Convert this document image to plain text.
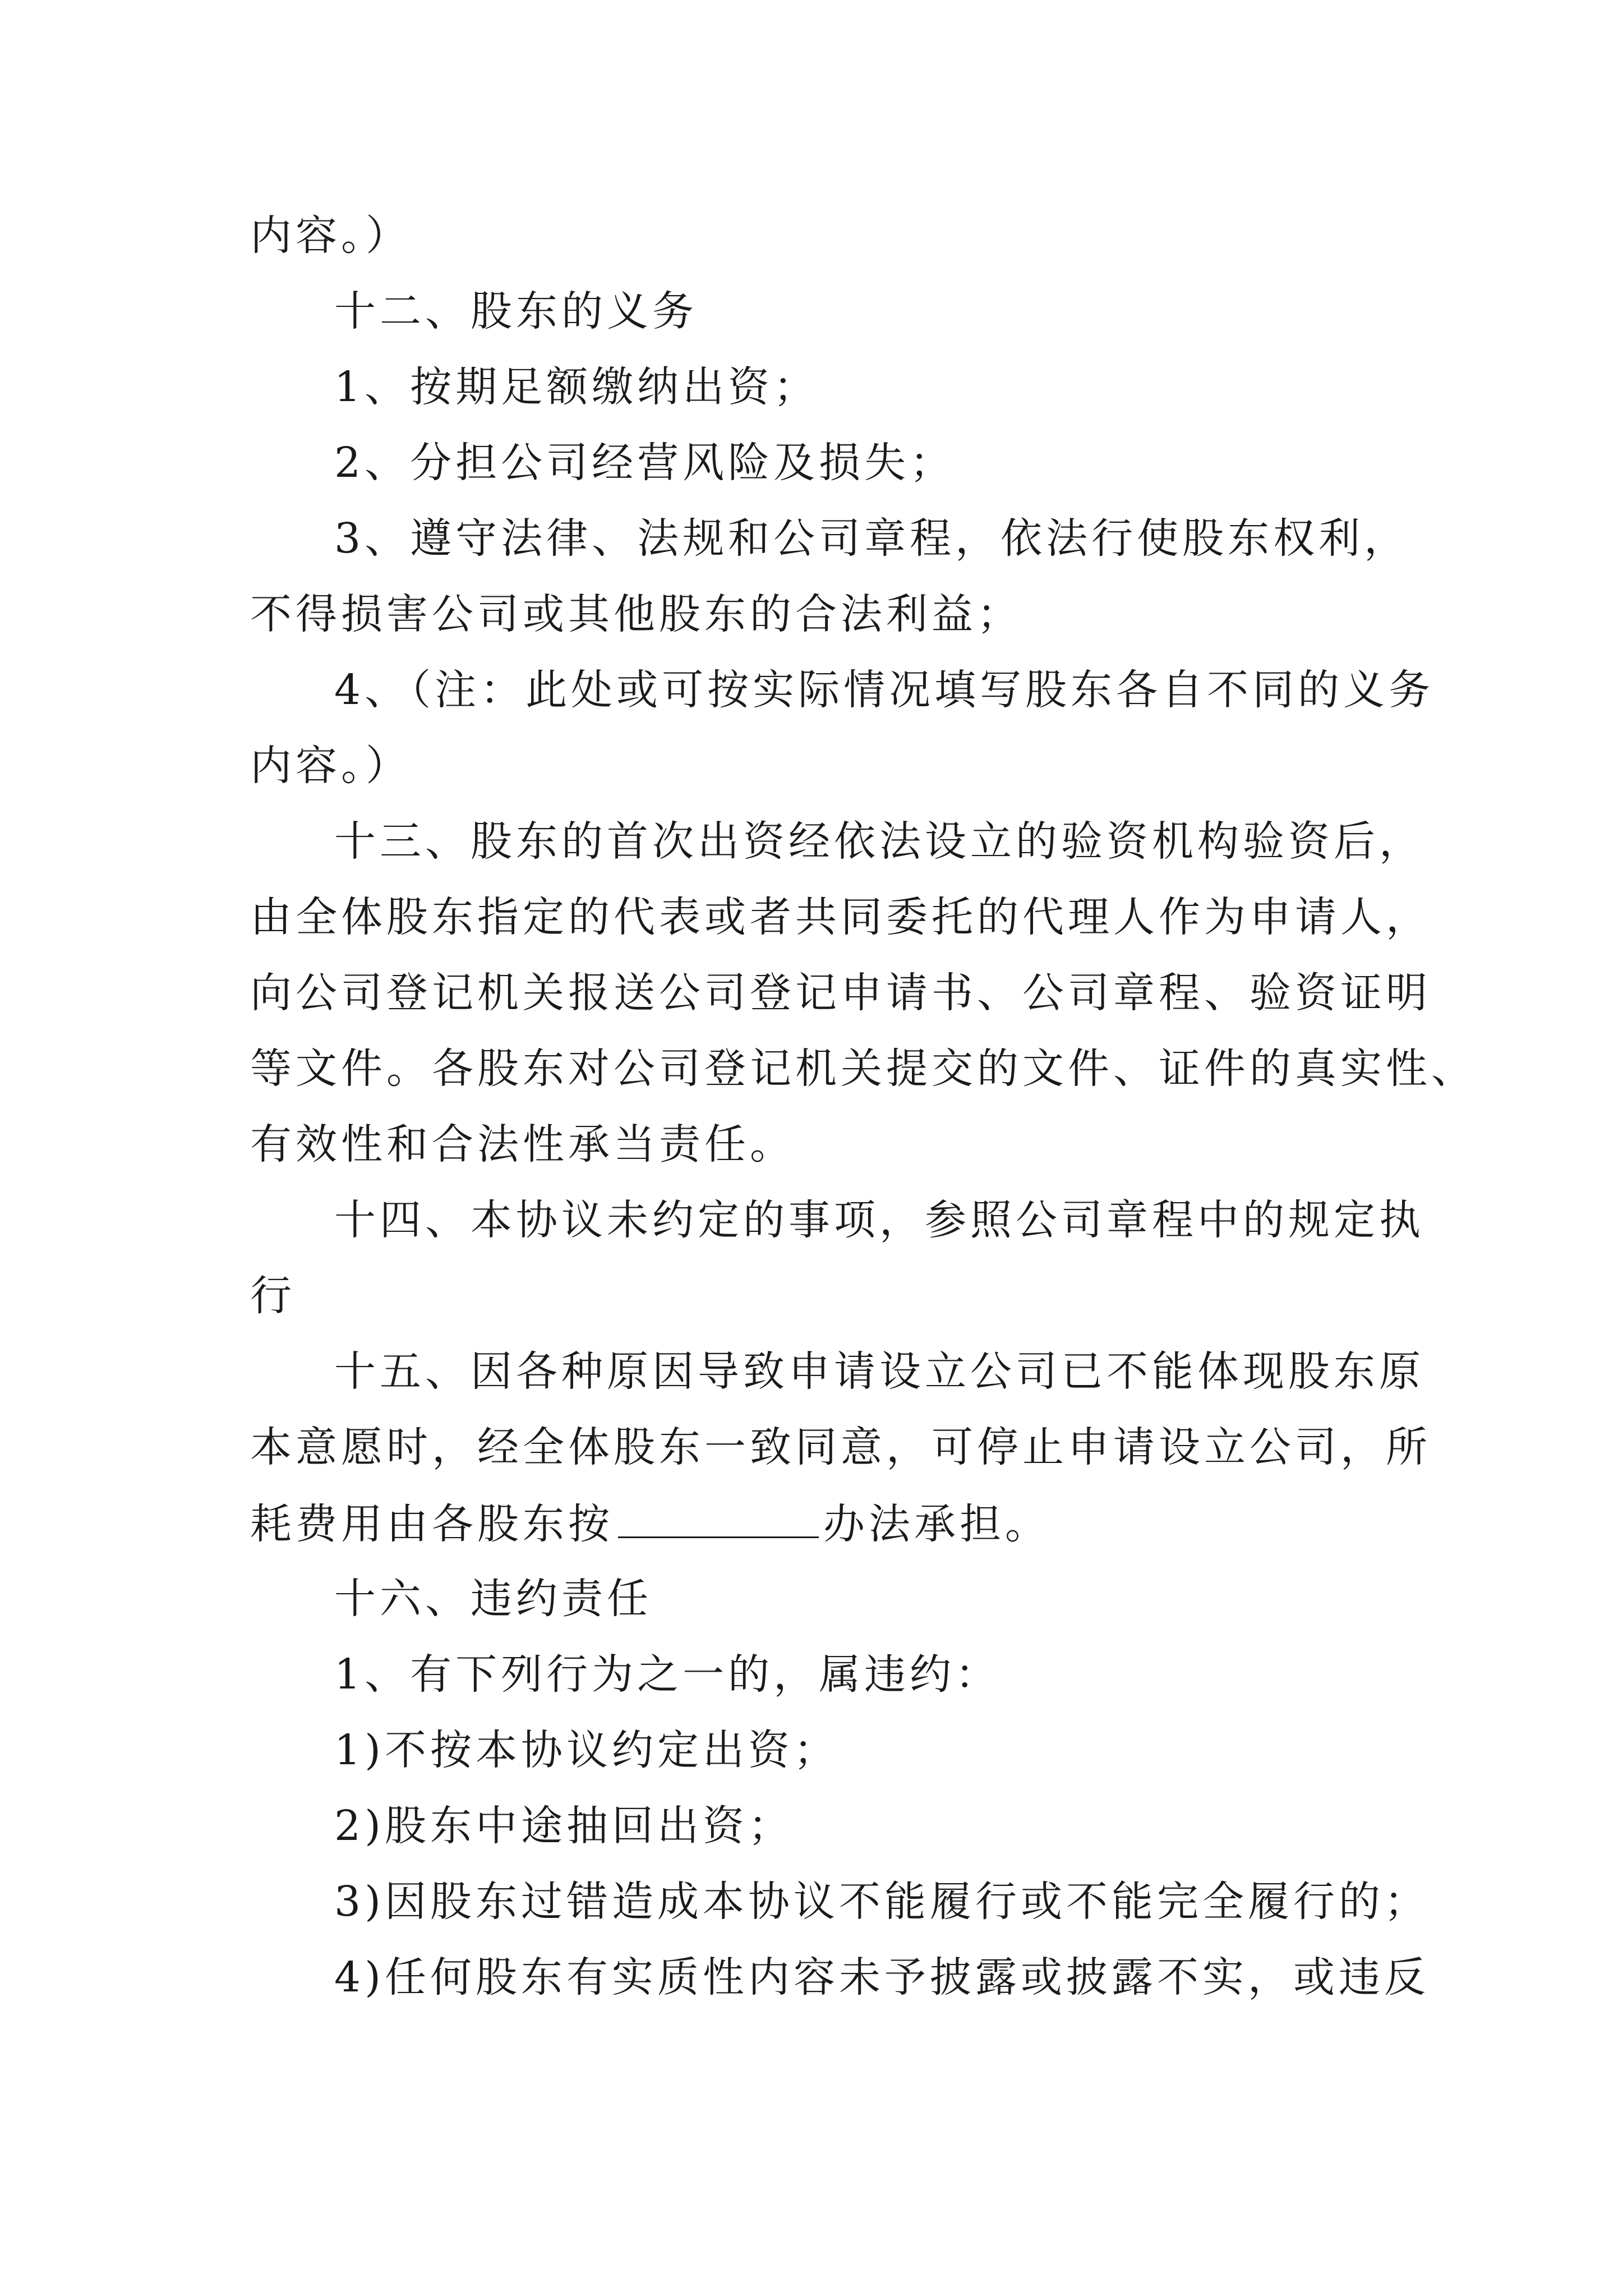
内容。）
十二、股东的义务
1、按期足额缴纳出资；
2、分担公司经营风险及损失；
3、遵守法律、法规和公司章程，依法行使股东权利，
不得损害公司或其他股东的合法利益；
4、（注：此处或可按实际情况填写股东各自不同的义务
内容。）
十三、股东的首次出资经依法设立的验资机构验资后，
由全体股东指定的代表或者共同委托的代理人作为申请人，
向公司登记机关报送公司登记申请书、公司章程、验资证明
等文件。各股东对公司登记机关提交的文件、证件的真实性、
有效性和合法性承当责任。
十四、本协议未约定的事项，参照公司章程中的规定执
行
十五、因各种原因导致申请设立公司已不能体现股东原
本意愿时，经全体股东一致同意，可停止申请设立公司，所
耗费用由各股东按	办法承担。
十六、违约责任
1、有下列行为之一的，属违约：
1)不按本协议约定出资；
2)股东中途抽回出资；
3)因股东过错造成本协议不能履行或不能完全履行的；
4)任何股东有实质性内容未予披露或披露不实，或违反
